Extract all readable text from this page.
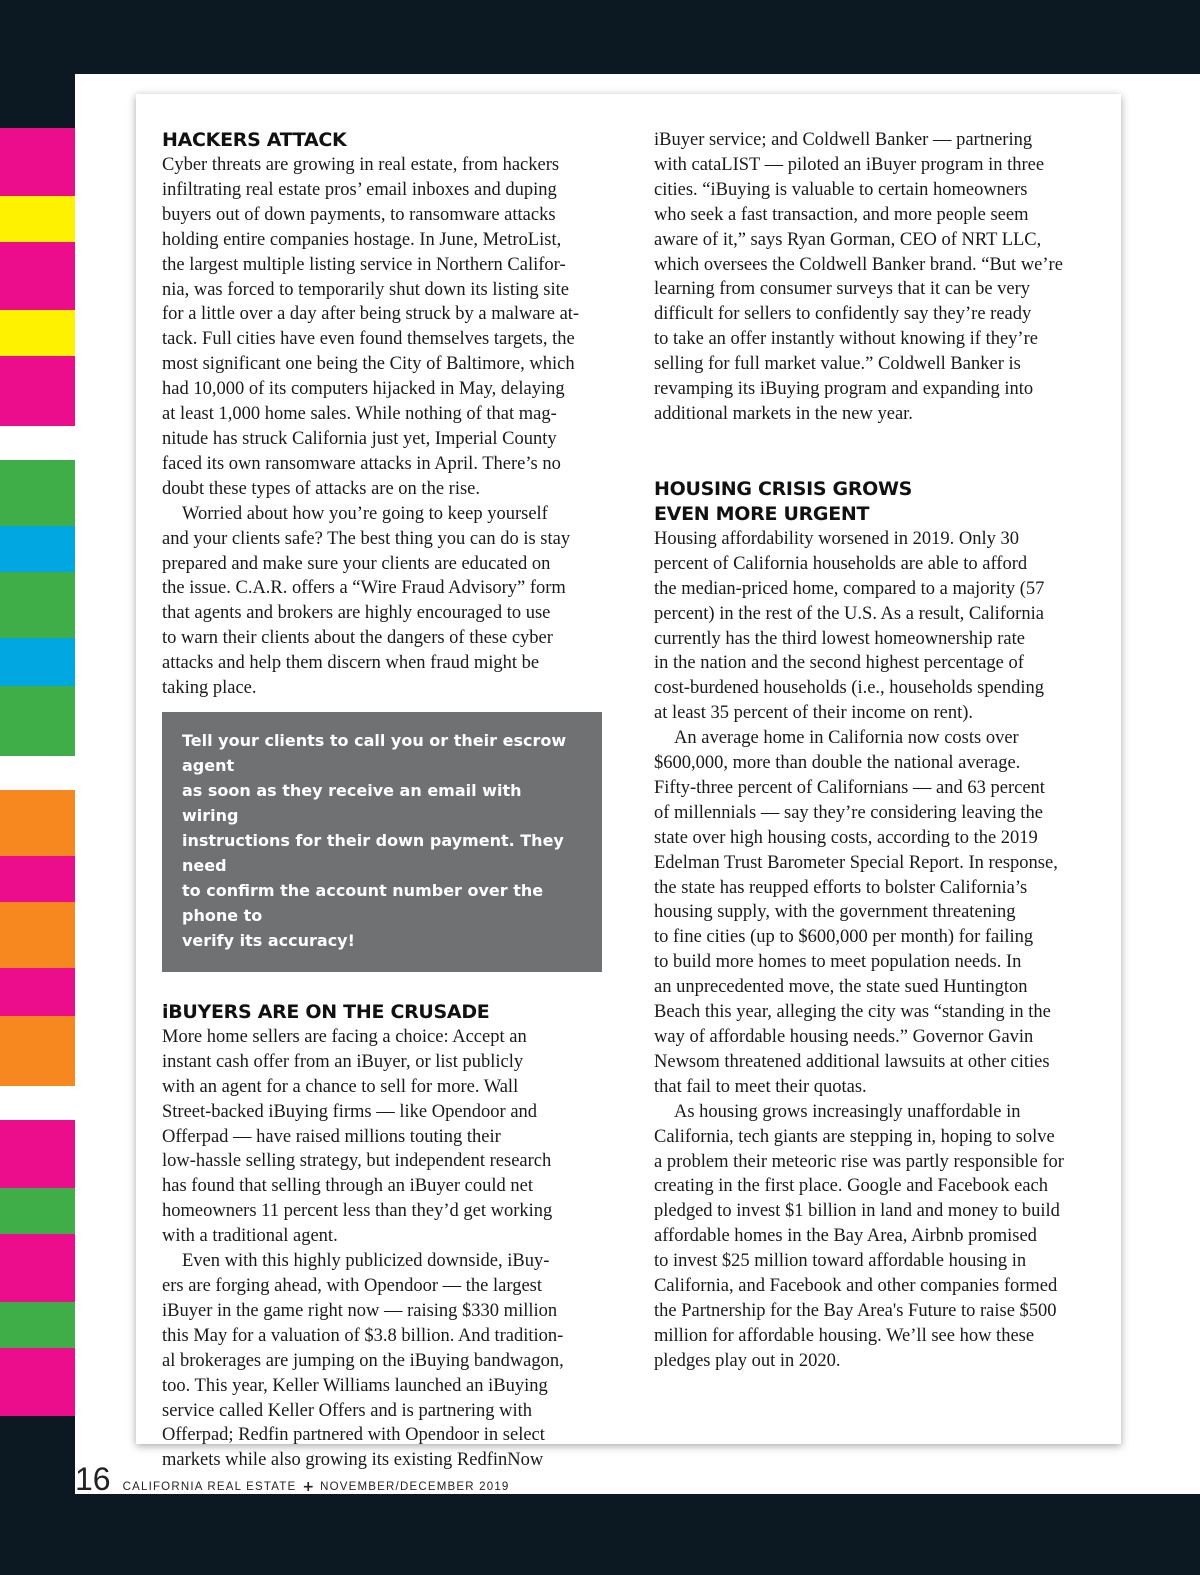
HACKERS ATTACK

Cyber threats are growing in real estate, from hackers
infiltrating real estate pros’ email inboxes and duping
buyers out of down payments, to ransomware attacks
holding entire companies hostage. In June, MetroList,
the largest multiple listing service in Northern Califor-
nia, was forced to temporarily shut down its listing site
for a little over a day after being struck by a malware at-
tack. Full cities have even found themselves targets, the
most significant one being the City of Baltimore, which
had 10,000 of its computers hijacked in May, delaying
at least 1,000 home sales. While nothing of that mag-
nitude has struck California just yet, Imperial County
faced its own ransomware attacks in April. There’s no
doubt these types of attacks are on the rise.

Worried about how you’re going to keep yourself
and your clients safe? The best thing you can do is stay
prepared and make sure your clients are educated on
the issue. C.A.R. offers a “Wire Fraud Advisory” form
that agents and brokers are highly encouraged to use
to warn their clients about the dangers of these cyber
attacks and help them discern when fraud might be
taking place.

Tell your clients to call you or their escrow agent
as soon as they receive an email with wiring
instructions for their down payment. They need
to confirm the account number over the phone to
verify its accuracy!
iBUYERS ARE ON THE CRUSADE

More home sellers are facing a choice: Accept an
instant cash offer from an iBuyer, or list publicly
with an agent for a chance to sell for more. Wall
Street-backed iBuying firms — like Opendoor and
Offerpad — have raised millions touting their
low-hassle selling strategy, but independent research
has found that selling through an iBuyer could net
homeowners 11 percent less than they’d get working
with a traditional agent.

Even with this highly publicized downside, iBuy-
ers are forging ahead, with Opendoor — the largest
iBuyer in the game right now — raising $330 million
this May for a valuation of $3.8 billion. And tradition-
al brokerages are jumping on the iBuying bandwagon,
too. This year, Keller Williams launched an iBuying
service called Keller Offers and is partnering with
Offerpad; Redfin partnered with Opendoor in select
markets while also growing its existing RedfinNow

iBuyer service; and Coldwell Banker — partnering
with cataLIST — piloted an iBuyer program in three
cities. “iBuying is valuable to certain homeowners
who seek a fast transaction, and more people seem
aware of it,” says Ryan Gorman, CEO of NRT LLC,
which oversees the Coldwell Banker brand. “But we’re
learning from consumer surveys that it can be very
difficult for sellers to confidently say they’re ready
to take an offer instantly without knowing if they’re
selling for full market value.” Coldwell Banker is
revamping its iBuying program and expanding into
additional markets in the new year.

HOUSING CRISIS GROWS
EVEN MORE URGENT

Housing affordability worsened in 2019. Only 30
percent of California households are able to afford
the median-priced home, compared to a majority (57
percent) in the rest of the U.S. As a result, California
currently has the third lowest homeownership rate
in the nation and the second highest percentage of
cost-burdened households (i.e., households spending
at least 35 percent of their income on rent).

An average home in California now costs over
$600,000, more than double the national average.
Fifty-three percent of Californians — and 63 percent
of millennials — say they’re considering leaving the
state over high housing costs, according to the 2019
Edelman Trust Barometer Special Report. In response,
the state has reupped efforts to bolster California’s
housing supply, with the government threatening
to fine cities (up to $600,000 per month) for failing
to build more homes to meet population needs. In
an unprecedented move, the state sued Huntington
Beach this year, alleging the city was “standing in the
way of affordable housing needs.” Governor Gavin
Newsom threatened additional lawsuits at other cities
that fail to meet their quotas.

As housing grows increasingly unaffordable in
California, tech giants are stepping in, hoping to solve
a problem their meteoric rise was partly responsible for
creating in the first place. Google and Facebook each
pledged to invest $1 billion in land and money to build
affordable homes in the Bay Area, Airbnb promised
to invest $25 million toward affordable housing in
California, and Facebook and other companies formed
the Partnership for the Bay Area's Future to raise $500
million for affordable housing. We’ll see how these
pledges play out in 2020.

16 CALIFORNIA REAL ESTATE + NOVEMBER/DECEMBER 2019
